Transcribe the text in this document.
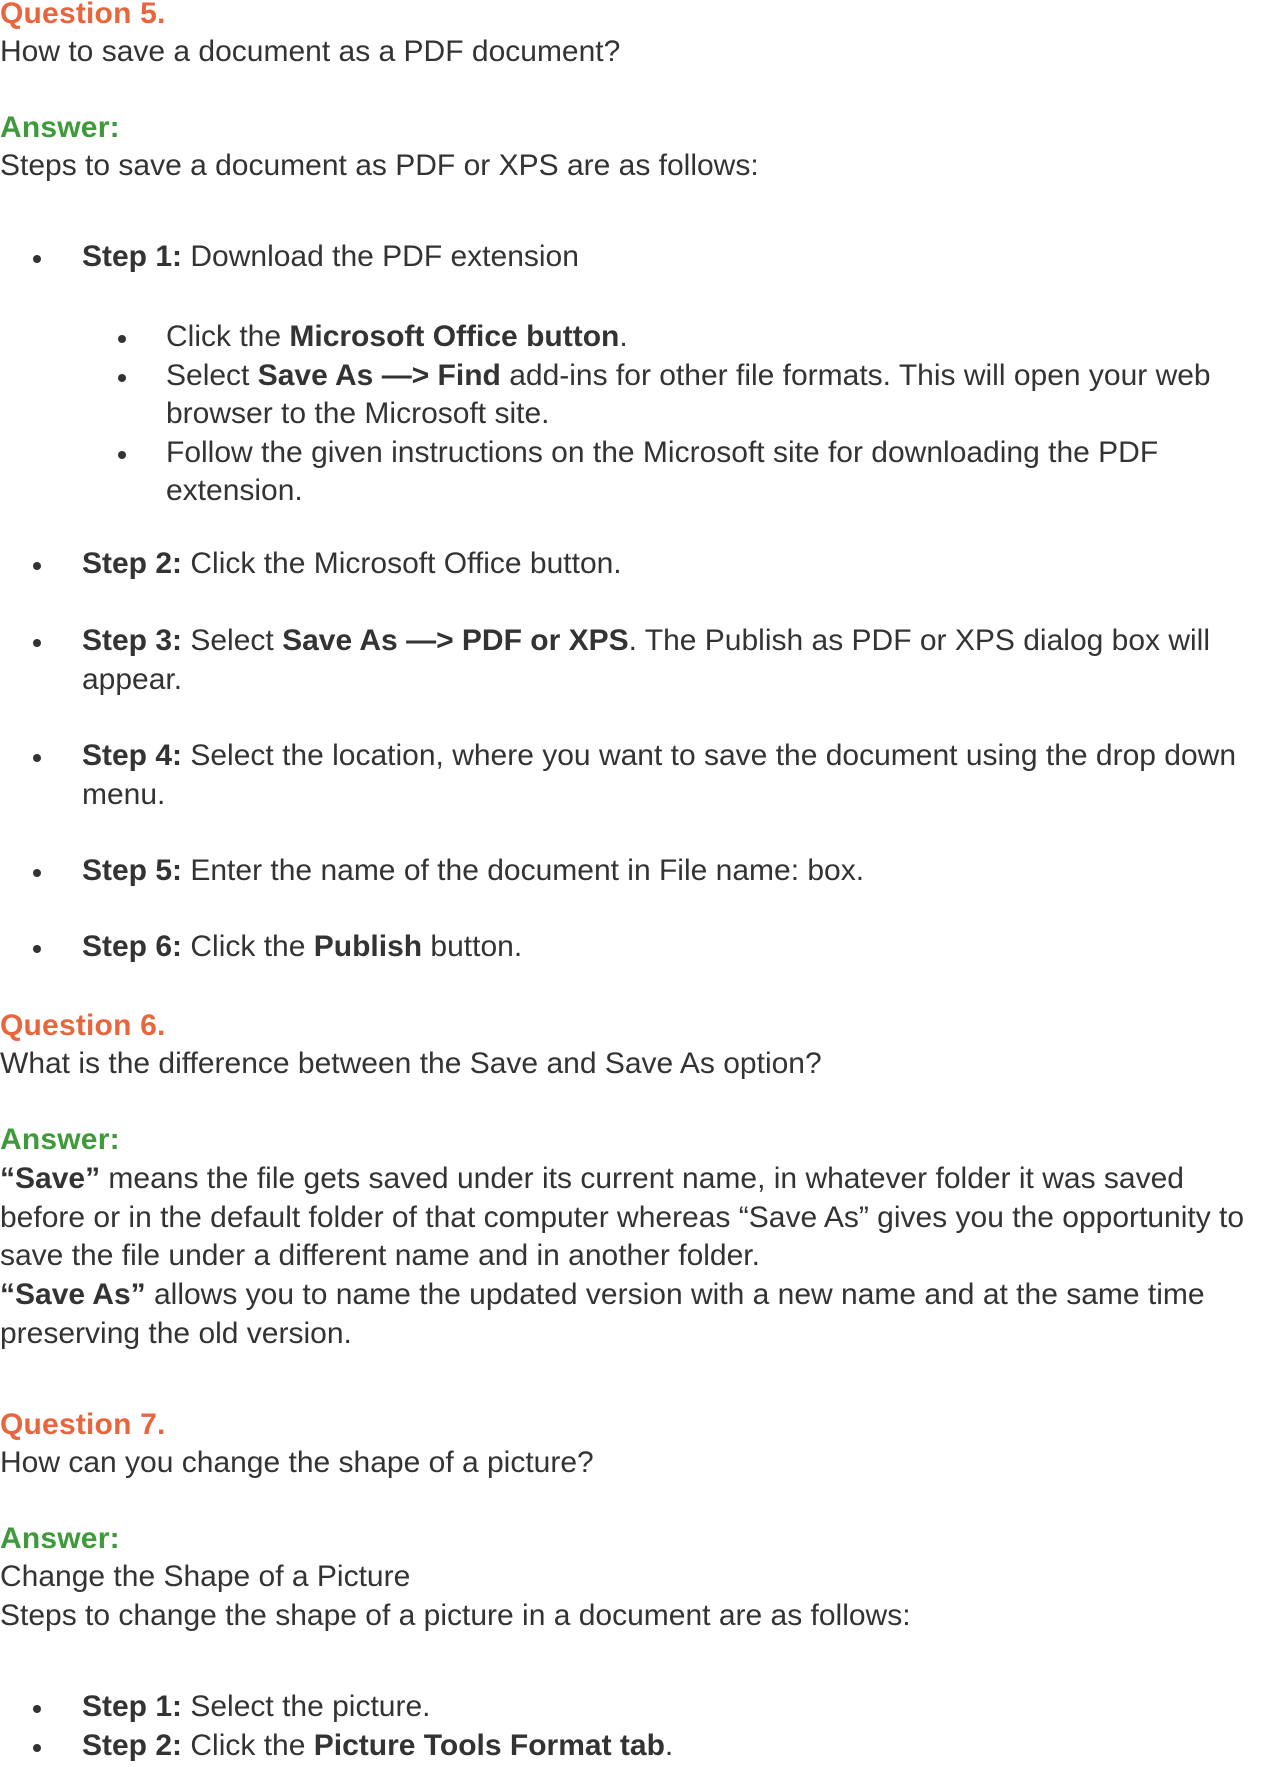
Question 5.

How to save a document as a PDF document?

Answer:

Steps to save a document as PDF or XPS are as follows:

Step 1: Download the PDF extension
Click the Microsoft Office button.
Select Save As —> Find add-ins for other file formats. This will open your web browser to the Microsoft site.
Follow the given instructions on the Microsoft site for downloading the PDF extension.
Step 2: Click the Microsoft Office button.
Step 3: Select Save As —> PDF or XPS. The Publish as PDF or XPS dialog box will appear.
Step 4: Select the location, where you want to save the document using the drop down menu.
Step 5: Enter the name of the document in File name: box.
Step 6: Click the Publish button.

Question 6.

What is the difference between the Save and Save As option?

Answer:

“Save” means the file gets saved under its current name, in whatever folder it was saved before or in the default folder of that computer whereas “Save As” gives you the opportunity to save the file under a different name and in another folder.

“Save As” allows you to name the updated version with a new name and at the same time preserving the old version.

Question 7.

How can you change the shape of a picture?

Answer:

Change the Shape of a Picture

Steps to change the shape of a picture in a document are as follows:

Step 1: Select the picture.
Step 2: Click the Picture Tools Format tab.
